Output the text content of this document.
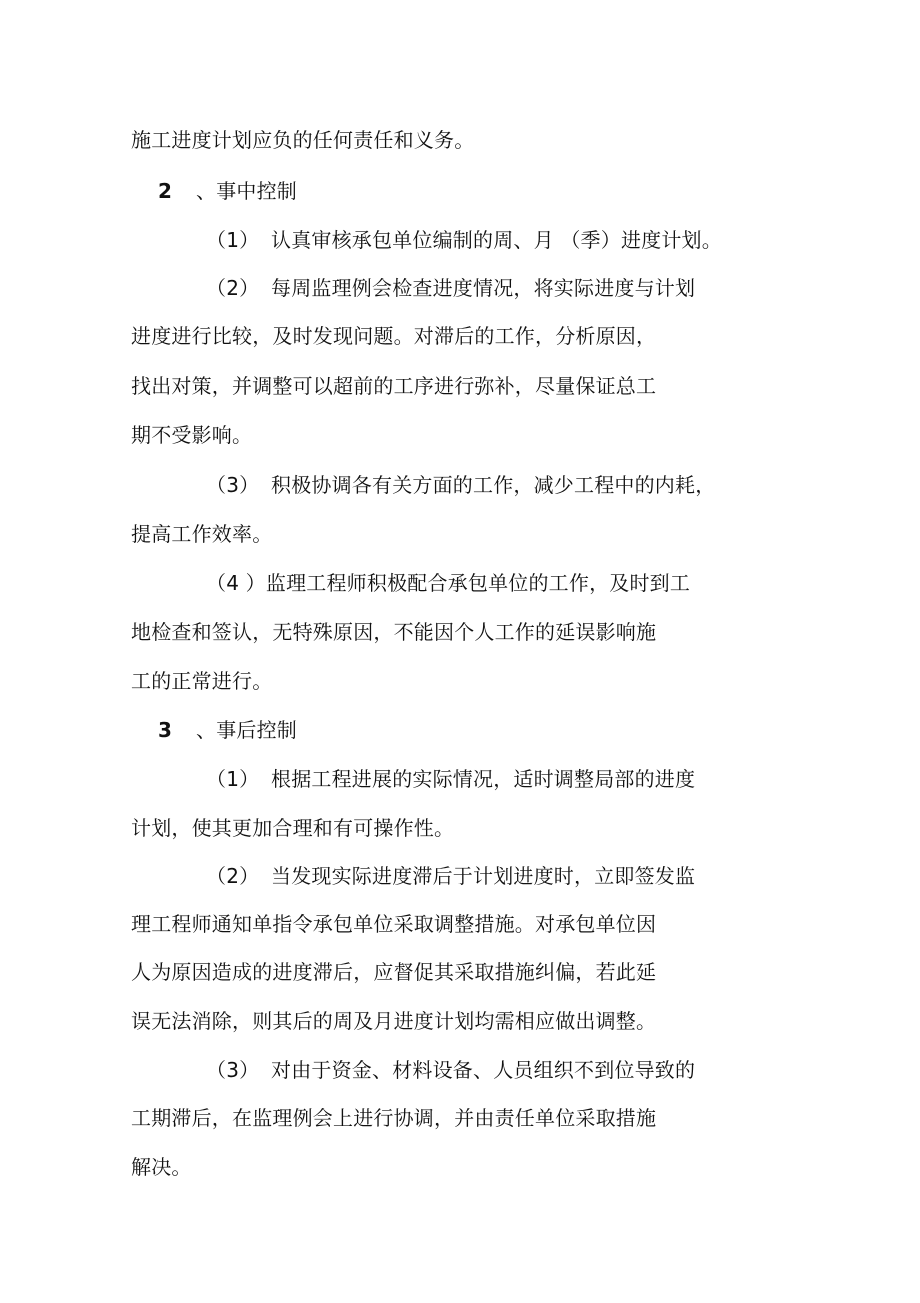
施工进度计划应负的任何责任和义务。
2 、事中控制
（1） 认真审核承包单位编制的周、月 （季）进度计划。
（2） 每周监理例会检查进度情况，将实际进度与计划
进度进行比较，及时发现问题。对滞后的工作，分析原因，
找出对策，并调整可以超前的工序进行弥补，尽量保证总工
期不受影响。
（3） 积极协调各有关方面的工作，减少工程中的内耗，
提高工作效率。
（4 ）监理工程师积极配合承包单位的工作，及时到工
地检查和签认，无特殊原因，不能因个人工作的延误影响施
工的正常进行。
3 、事后控制
（1） 根据工程进展的实际情况，适时调整局部的进度
计划，使其更加合理和有可操作性。
（2） 当发现实际进度滞后于计划进度时，立即签发监
理工程师通知单指令承包单位采取调整措施。对承包单位因
人为原因造成的进度滞后，应督促其采取措施纠偏，若此延
误无法消除，则其后的周及月进度计划均需相应做出调整。
（3） 对由于资金、材料设备、人员组织不到位导致的
工期滞后，在监理例会上进行协调，并由责任单位采取措施
解决。
